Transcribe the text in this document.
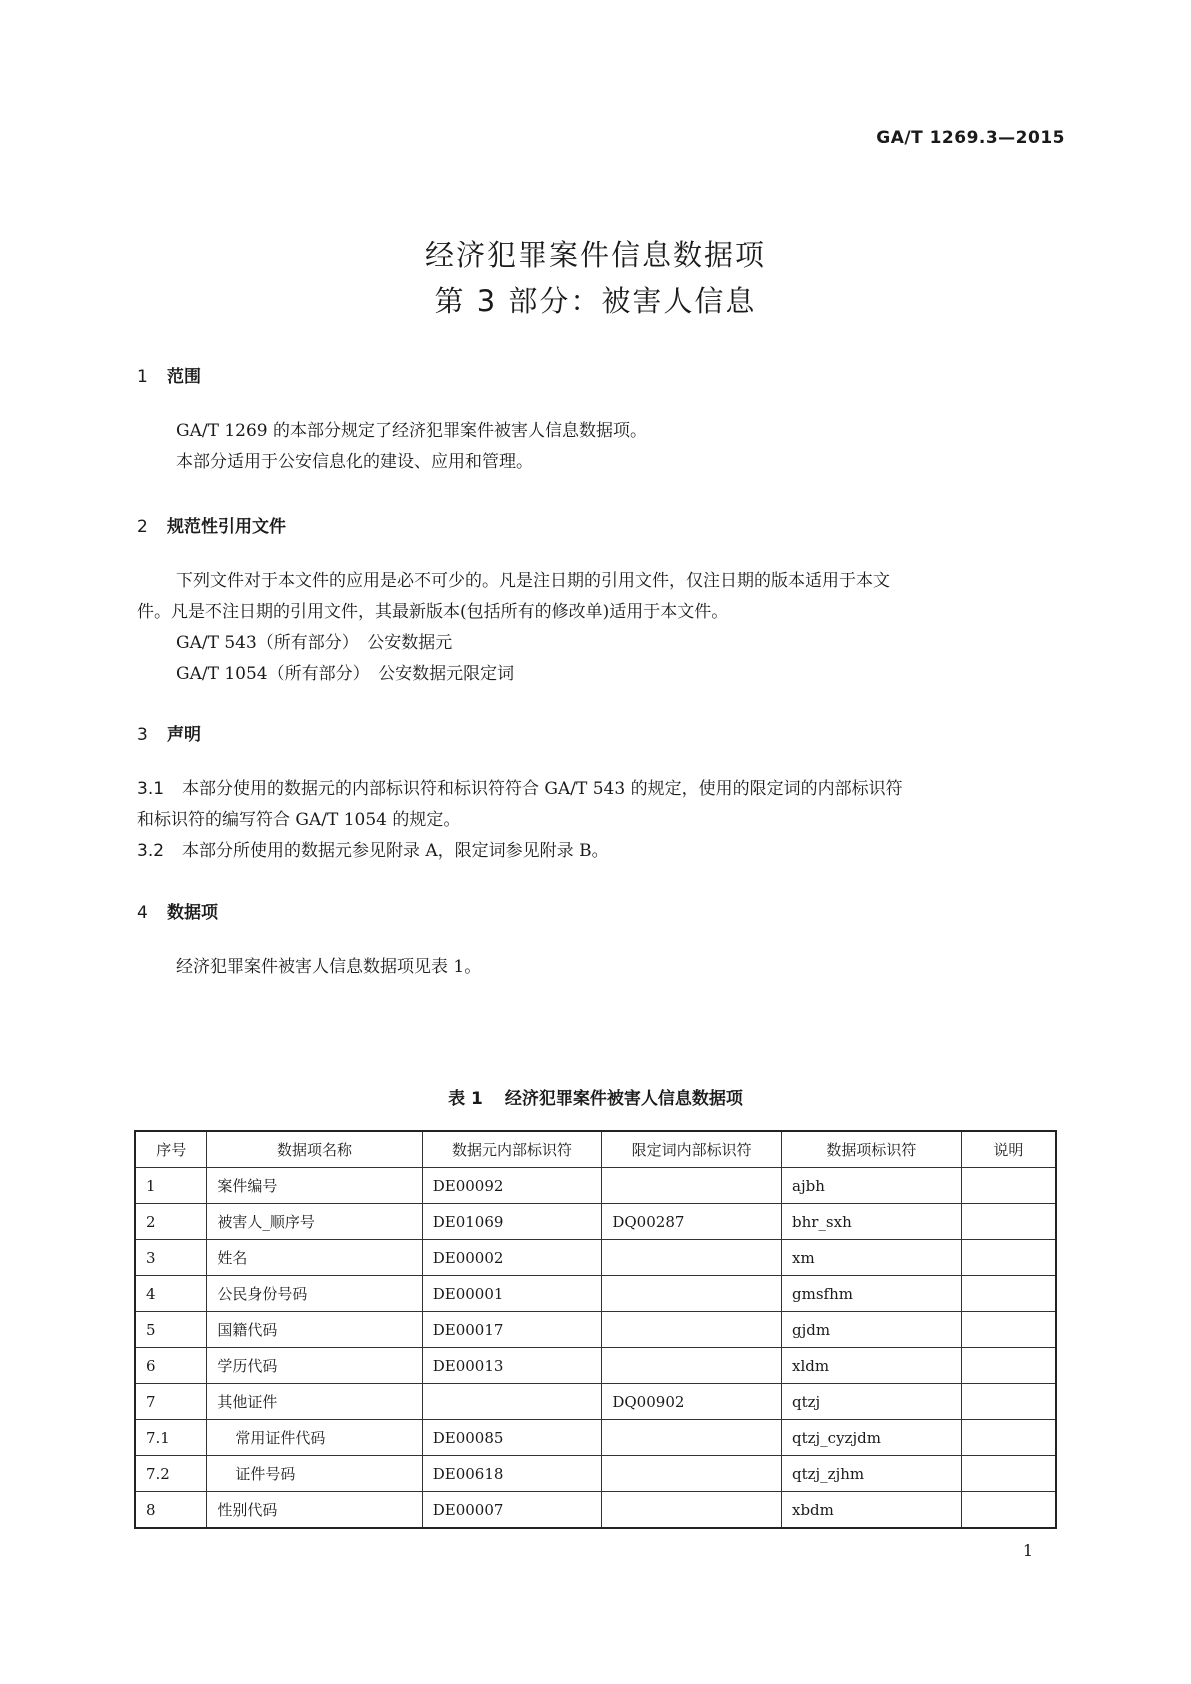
GA/T 1269.3—2015
经济犯罪案件信息数据项
第 3 部分：被害人信息
1 范围
GA/T 1269 的本部分规定了经济犯罪案件被害人信息数据项。
本部分适用于公安信息化的建设、应用和管理。
2 规范性引用文件
下列文件对于本文件的应用是必不可少的。凡是注日期的引用文件，仅注日期的版本适用于本文
件。凡是不注日期的引用文件，其最新版本(包括所有的修改单)适用于本文件。
GA/T 543（所有部分）　公安数据元
GA/T 1054（所有部分）　公安数据元限定词
3 声明
3.1 本部分使用的数据元的内部标识符和标识符符合 GA/T 543 的规定，使用的限定词的内部标识符
和标识符的编写符合 GA/T 1054 的规定。
3.2 本部分所使用的数据元参见附录 A，限定词参见附录 B。
4 数据项
经济犯罪案件被害人信息数据项见表 1。
表 1 经济犯罪案件被害人信息数据项
序号	数据项名称	数据元内部标识符	限定词内部标识符	数据项标识符	说明
1	案件编号	DE00092		ajbh	
2	被害人_顺序号	DE01069	DQ00287	bhr_sxh	
3	姓名	DE00002		xm	
4	公民身份号码	DE00001		gmsfhm	
5	国籍代码	DE00017		gjdm	
6	学历代码	DE00013		xldm	
7	其他证件		DQ00902	qtzj	
7.1	常用证件代码	DE00085		qtzj_cyzjdm	
7.2	证件号码	DE00618		qtzj_zjhm	
8	性别代码	DE00007		xbdm	
1
